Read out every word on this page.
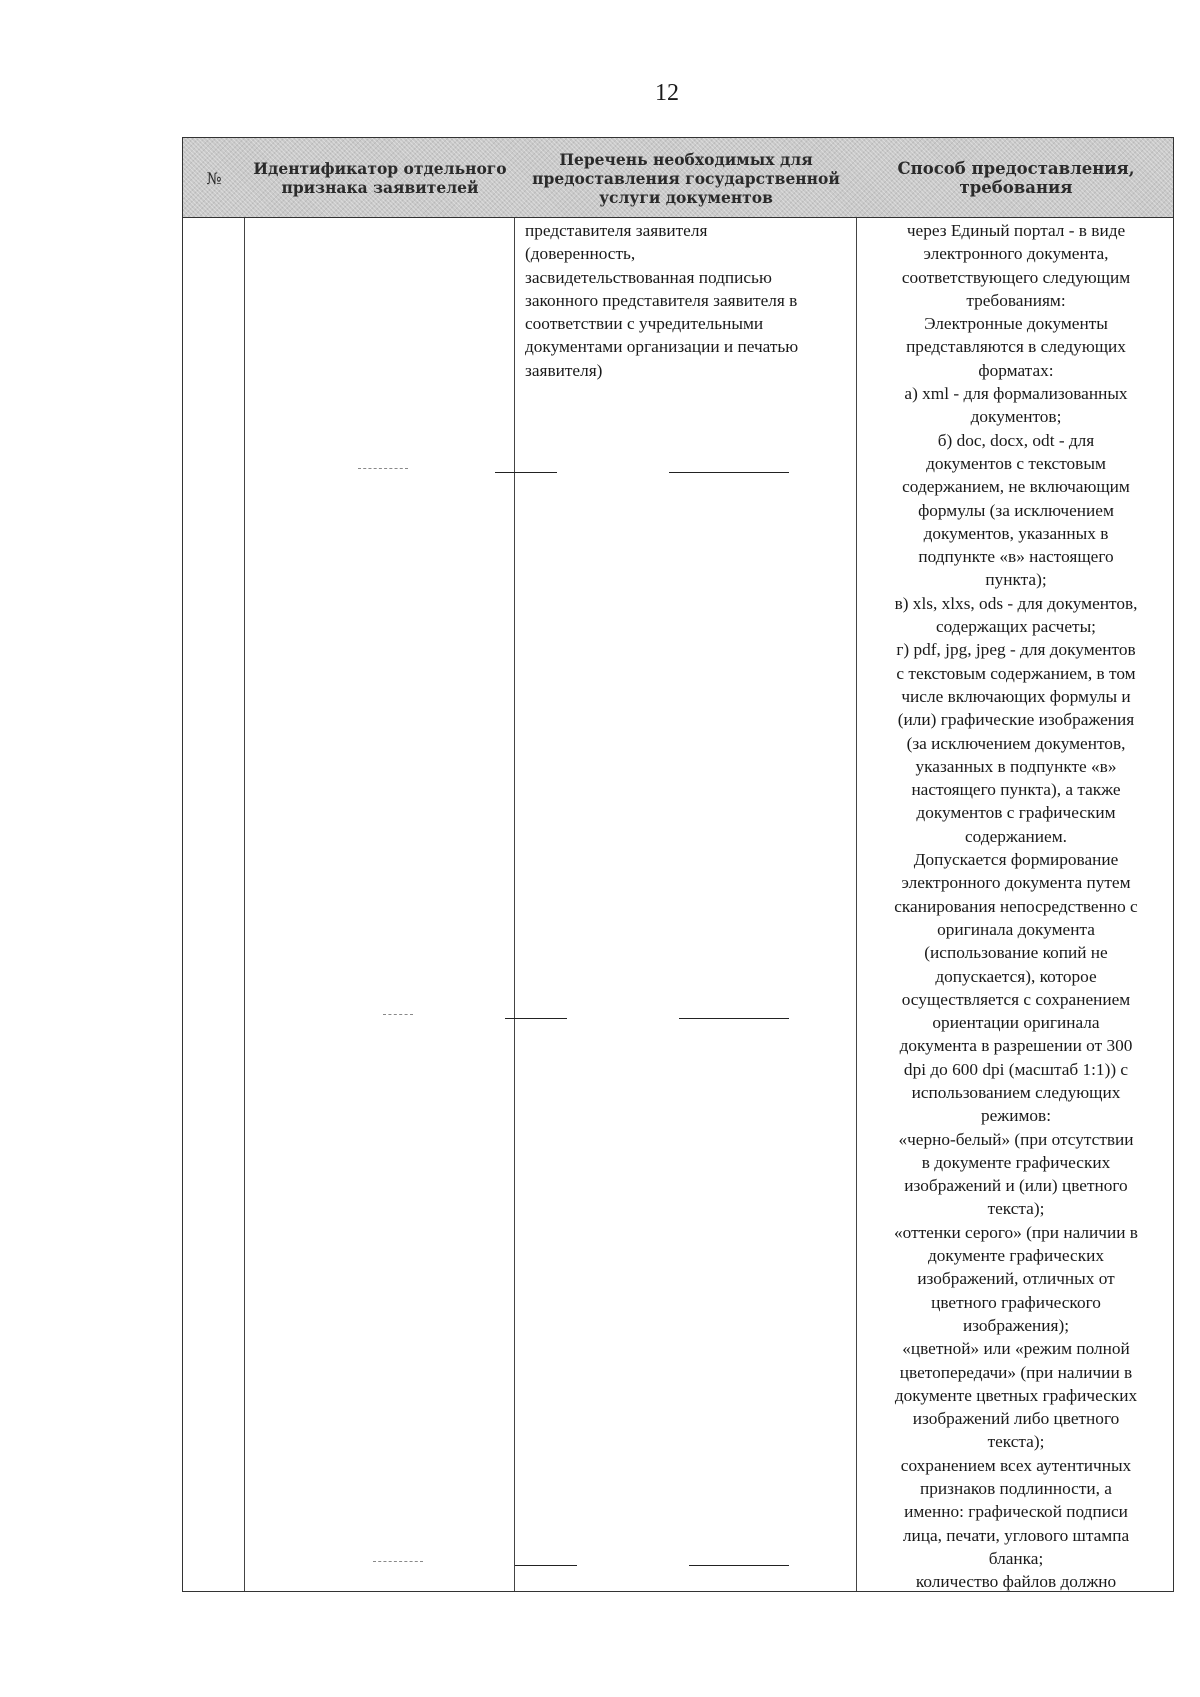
12
№	Идентификатор отдельного признака заявителей
Перечень необходимых для предоставления государственной услуги документов
Способ предоставления, требования
представителя заявителя
(доверенность,
засвидетельствованная подписью
законного представителя заявителя в
соответствии с учредительными
документами организации и печатью
заявителя)
через Единый портал - в виде
электронного документа,
соответствующего следующим
требованиям:
Электронные документы
представляются в следующих
форматах:
а) xml - для формализованных
документов;
б) doc, docx, odt - для
документов с текстовым
содержанием, не включающим
формулы (за исключением
документов, указанных в
подпункте «в» настоящего
пункта);
в) xls, xlxs, ods - для документов,
содержащих расчеты;
г) pdf, jpg, jpeg - для документов
с текстовым содержанием, в том
числе включающих формулы и
(или) графические изображения
(за исключением документов,
указанных в подпункте «в»
настоящего пункта), а также
документов с графическим
содержанием.
Допускается формирование
электронного документа путем
сканирования непосредственно с
оригинала документа
(использование копий не
допускается), которое
осуществляется с сохранением
ориентации оригинала
документа в разрешении от 300
dpi до 600 dpi (масштаб 1:1)) с
использованием следующих
режимов:
«черно-белый» (при отсутствии
в документе графических
изображений и (или) цветного
текста);
«оттенки серого» (при наличии в
документе графических
изображений, отличных от
цветного графического
изображения);
«цветной» или «режим полной
цветопередачи» (при наличии в
документе цветных графических
изображений либо цветного
текста);
сохранением всех аутентичных
признаков подлинности, а
именно: графической подписи
лица, печати, углового штампа
бланка;
количество файлов должно
